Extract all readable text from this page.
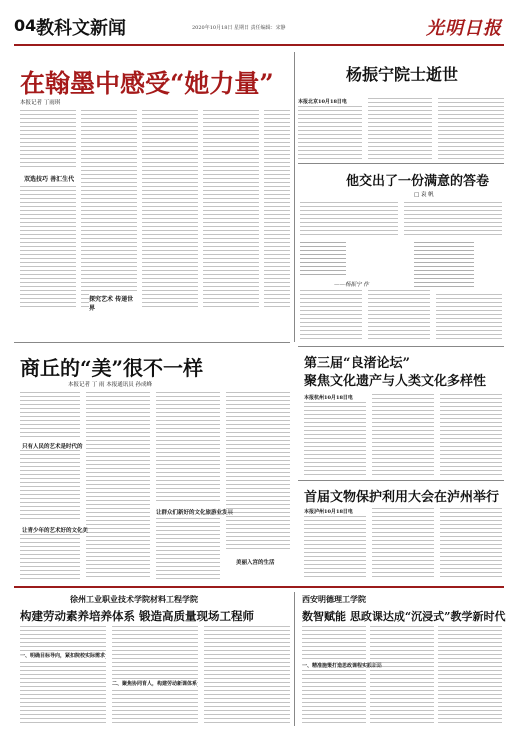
04 教科文新闻	2020年10月18日 星期日 责任编辑：宋静	光明日报
在翰墨中感受“她力量”
本报记者 丁雨琪
双选技巧 善汇生代
探究艺术 传递世界
杨振宁院士逝世
本报北京10月18日电
他交出了一份满意的答卷
□ 袁 帆
——杨振宁 作
商丘的“美”很不一样
本报记者 丁 雨 本报通讯员 孙成峰
只有人民的艺术是时代的
让青少年的艺术好的文化美
让群众们新好的文化旅游业发展
美丽入宫的生活
第三届“良渚论坛”
聚焦文化遗产与人类文化多样性
本报杭州10月18日电
首届文物保护利用大会在泸州举行
本报泸州10月18日电
徐州工业职业技术学院材料工程学院
构建劳动素养培养体系 锻造高质量现场工程师
一、明确目标导向，紧扣院校实际需求
二、聚焦协同育人，构建劳动新课体系
西安明德理工学院
数智赋能 思政课达成“沉浸式”教学新时代
一、精准施策打造思政课程实践新路
